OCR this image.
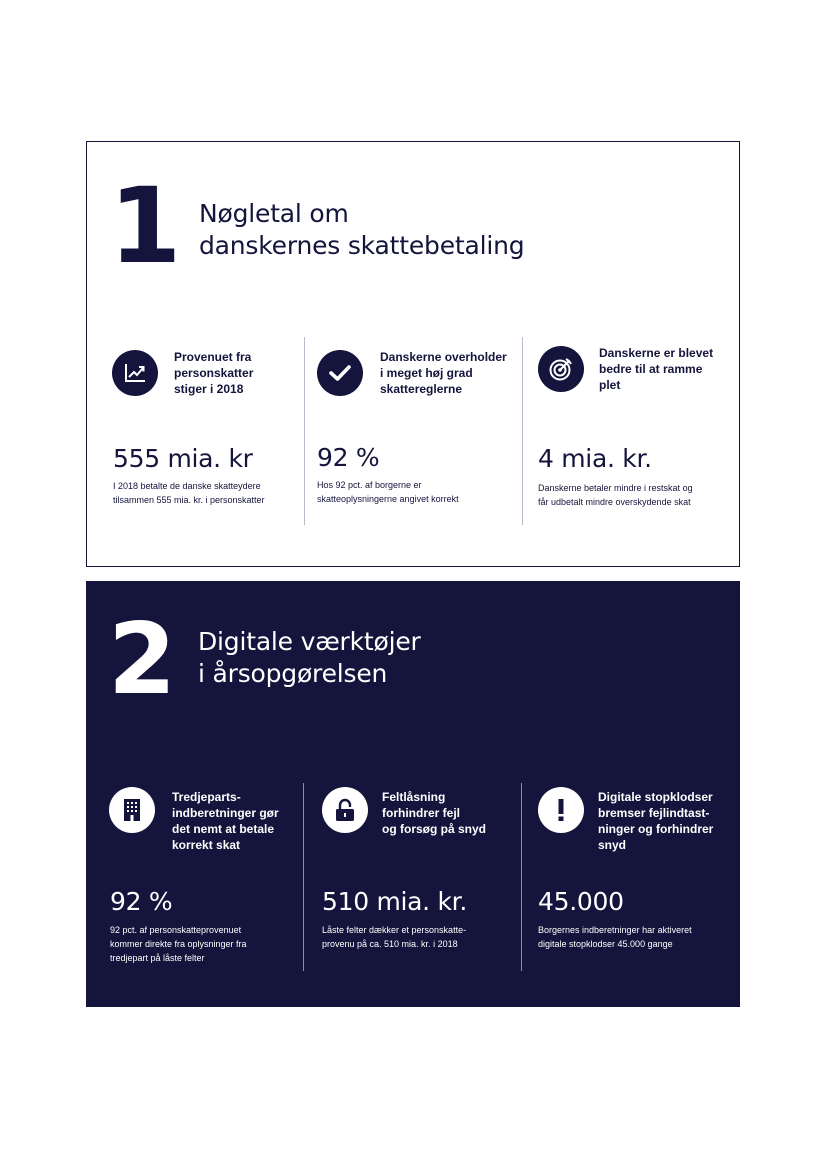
1 Nøgletal om
danskernes skattebetaling
Provenuet fra
personskatter
stiger i 2018
555 mia. kr
I 2018 betalte de danske skatteydere
tilsammen 555 mia. kr. i personskatter
Danskerne overholder
i meget høj grad
skattereglerne
92 %
Hos 92 pct. af borgerne er
skatteoplysningerne angivet korrekt
Danskerne er blevet
bedre til at ramme
plet
4 mia. kr.
Danskerne betaler mindre i restskat og
får udbetalt mindre overskydende skat
2 Digitale værktøjer
i årsopgørelsen
Tredjeparts-
indberetninger gør
det nemt at betale
korrekt skat
92 %
92 pct. af personskatteprovenuet
kommer direkte fra oplysninger fra
tredjepart på låste felter
Feltlåsning
forhindrer fejl
og forsøg på snyd
510 mia. kr.
Låste felter dækker et personskatte-
provenu på ca. 510 mia. kr. i 2018
Digitale stopklodser
bremser fejlindtast-
ninger og forhindrer
snyd
45.000
Borgernes indberetninger har aktiveret
digitale stopklodser 45.000 gange
